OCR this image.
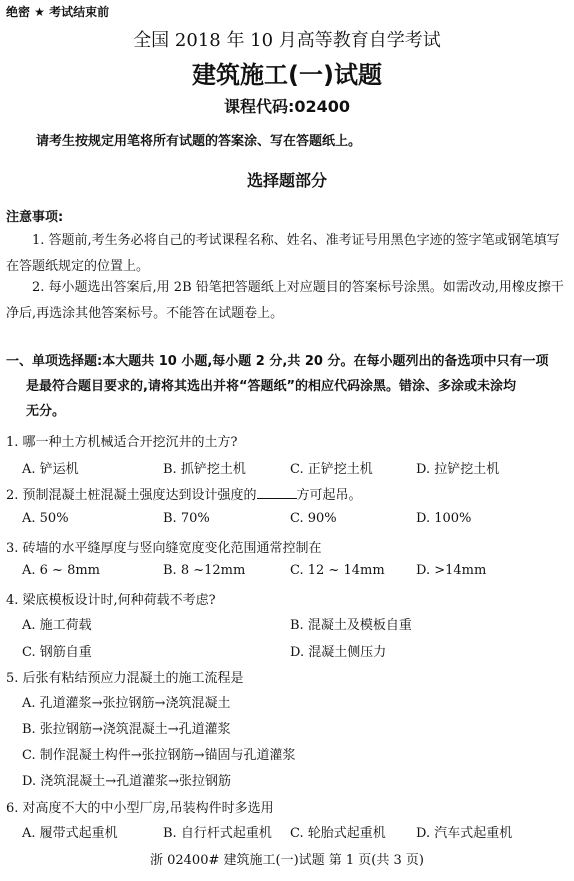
绝密 ★ 考试结束前
全国 2018 年 10 月高等教育自学考试
建筑施工(一)试题
课程代码:02400
请考生按规定用笔将所有试题的答案涂、写在答题纸上。
选择题部分
注意事项:
1. 答题前,考生务必将自己的考试课程名称、姓名、准考证号用黑色字迹的签字笔或钢笔填写在答题纸规定的位置上。
2. 每小题选出答案后,用 2B 铅笔把答题纸上对应题目的答案标号涂黑。如需改动,用橡皮擦干净后,再选涂其他答案标号。不能答在试题卷上。
一、单项选择题:本大题共 10 小题,每小题 2 分,共 20 分。在每小题列出的备选项中只有一项
是最符合题目要求的,请将其选出并将“答题纸”的相应代码涂黑。错涂、多涂或未涂均
无分。
1. 哪一种土方机械适合开挖沉井的土方?
A. 铲运机	B. 抓铲挖土机	C. 正铲挖土机	D. 拉铲挖土机
2. 预制混凝土桩混凝土强度达到设计强度的	方可起吊。
A. 50%	B. 70%	C. 90%	D. 100%
3. 砖墙的水平缝厚度与竖向缝宽度变化范围通常控制在
A. 6 ~ 8mm	B. 8 ~12mm	C. 12 ~ 14mm D. >14mm
4. 梁底模板设计时,何种荷载不考虑?
A. 施工荷载	B. 混凝土及模板自重
C. 钢筋自重	D. 混凝土侧压力
5. 后张有粘结预应力混凝土的施工流程是
A. 孔道灌浆→张拉钢筋→浇筑混凝土
B. 张拉钢筋→浇筑混凝土→孔道灌浆
C. 制作混凝土构件→张拉钢筋→锚固与孔道灌浆
D. 浇筑混凝土→孔道灌浆→张拉钢筋
6. 对高度不大的中小型厂房,吊装构件时多选用
A. 履带式起重机	B. 自行杆式起重机 C. 轮胎式起重机 D. 汽车式起重机
浙 02400# 建筑施工(一)试题 第 1 页(共 3 页)
